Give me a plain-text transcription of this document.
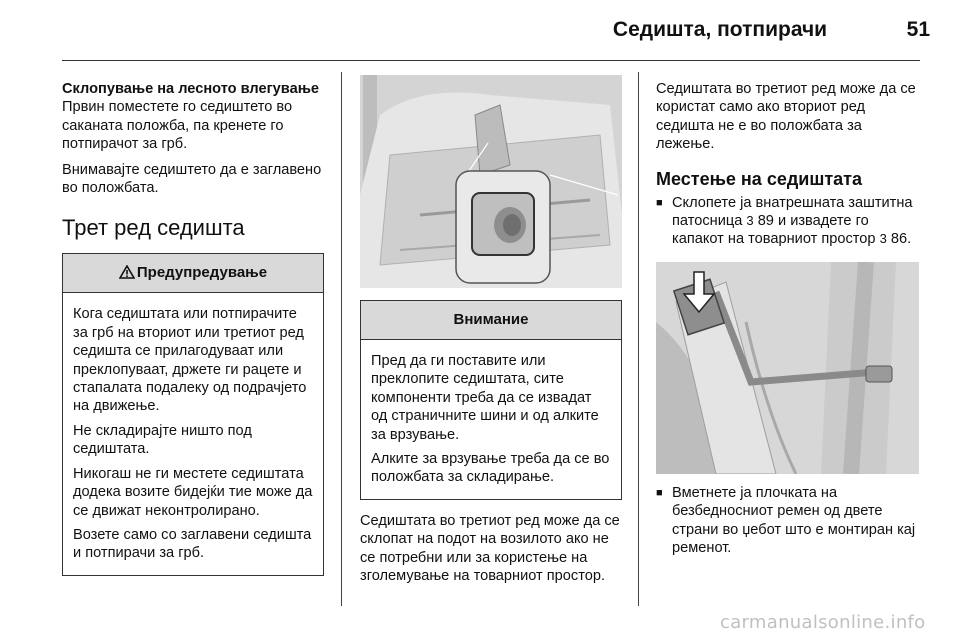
Седишта, потпирачи	51

Склопување на лесното влегување

Првин поместете го седиштето во саканата положба, па кренете го потпирачот за грб.

Внимавајте седиштето да е заглавено во положбата.

Трет ред седишта
Предупредување

Кога седиштата или потпирачите за грб на вториот или третиот ред седишта се прилагодуваат или преклопуваат, држете ги рацете и стапалата подалеку од подрачјето на движење.

Не складирајте ништо под седиштата.

Никогаш не ги местете седиштата додека возите бидејќи тие може да се движат неконтролирано.

Возете само со заглавени седишта и потпирачи за грб.

Внимание

Пред да ги поставите или преклопите седиштата, сите компоненти треба да се извадат од страничните шини и од алките за врзување.

Алките за врзување треба да се во положбата за складирање.

Седиштата во третиот ред може да се склопат на подот на возилото ако не се потребни или за користење на зголемување на товарниот простор.

Седиштата во третиот ред може да се користат само ако вториот ред седишта не е во положбата за лежење.

Местење на седиштата
■ Склопете ја внатрешната заштитна патосница 3 89 и извадете го капакот на товарниот простор 3 86.
■ Вметнете ја плочката на безбедносниот ремен од двете страни во џебот што е монтиран кај ременот.
carmanualsonline.info
